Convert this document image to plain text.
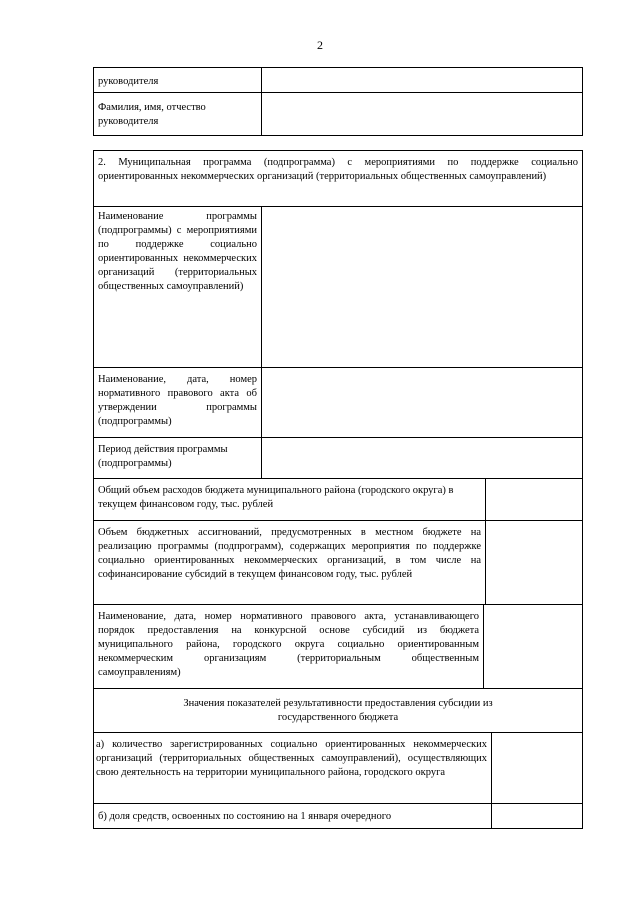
2
руководителя
Фамилия, имя, отчество руководителя
2. Муниципальная программа (подпрограмма) с мероприятиями по поддержке социально ориентированных некоммерческих организаций (территориальных общественных самоуправлений)
Наименование программы (подпрограммы) с мероприятиями по поддержке социально ориентированных некоммерческих организаций (территориальных общественных самоуправлений)
Наименование, дата, номер нормативного правового акта об утверждении программы (подпрограммы)
Период действия программы (подпрограммы)
Общий объем расходов бюджета муниципального района (городского округа) в текущем финансовом году, тыс. рублей
Объем бюджетных ассигнований, предусмотренных в местном бюджете на реализацию программы (подпрограмм), содержащих мероприятия по поддержке социально ориентированных некоммерческих организаций, в том числе на софинансирование субсидий в текущем финансовом году, тыс. рублей
Наименование, дата, номер нормативного правового акта, устанавливающего порядок предоставления на конкурсной основе субсидий из бюджета муниципального района, городского округа социально ориентированным некоммерческим организациям (территориальным общественным самоуправлениям)
Значения показателей результативности предоставления субсидии из государственного бюджета
а) количество зарегистрированных социально ориентированных некоммерческих организаций (территориальных общественных самоуправлений), осуществляющих свою деятельность на территории муниципального района, городского округа
б) доля средств, освоенных по состоянию на 1 января очередного
